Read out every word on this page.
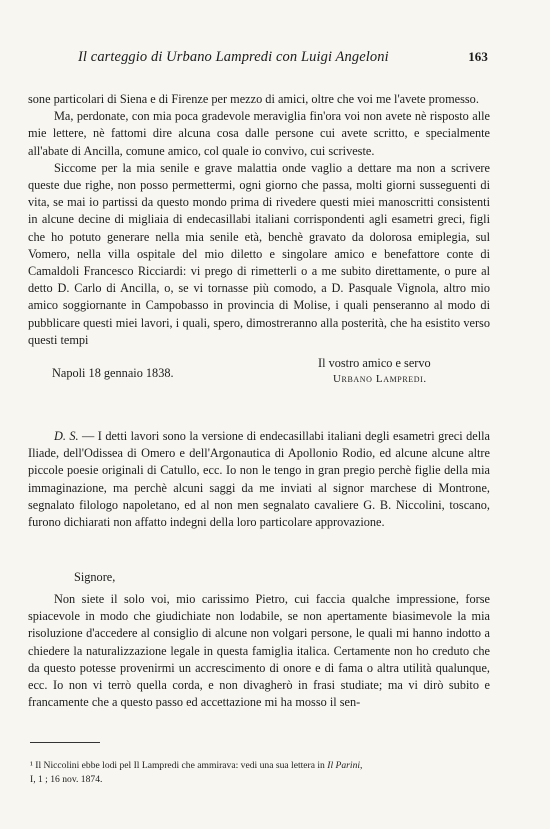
Il carteggio di Urbano Lampredi con Luigi Angeloni	163

sone particolari di Siena e di Firenze per mezzo di amici, oltre che voi me l'avete promesso.

Ma, perdonate, con mia poca gradevole meraviglia fin'ora voi non avete nè risposto alle mie lettere, nè fattomi dire alcuna cosa dalle persone cui avete scritto, e specialmente all'abate di Ancilla, comune amico, col quale io convivo, cui scriveste.

Siccome per la mia senile e grave malattia onde vaglio a dettare ma non a scrivere queste due righe, non posso permettermi, ogni giorno che passa, molti giorni susseguenti di vita, se mai io partissi da questo mondo prima di rivedere questi miei manoscritti consistenti in alcune decine di migliaia di endecasillabi italiani corrispondenti agli esametri greci, figli che ho potuto generare nella mia senile età, benchè gravato da dolorosa emiplegia, sul Vomero, nella villa ospitale del mio diletto e singolare amico e benefattore conte di Camaldoli Francesco Ricciardi: vi prego di rimetterli o a me subito direttamente, o pure al detto D. Carlo di Ancilla, o, se vi tornasse più comodo, a D. Pasquale Vignola, altro mio amico soggiornante in Campobasso in provincia di Molise, i quali penseranno al modo di pubblicare questi miei lavori, i quali, spero, dimostreranno alla posterità, che ha esistito verso questi tempi

Napoli 18 gennaio 1838.
Il vostro amico e servo
Urbano Lampredi.

D. S. — I detti lavori sono la versione di endecasillabi italiani degli esametri greci della Iliade, dell'Odissea di Omero e dell'Argonautica di Apollonio Rodio, ed alcune alcune altre piccole poesie originali di Catullo, ecc. Io non le tengo in gran pregio perchè figlie della mia immaginazione, ma perchè alcuni saggi da me inviati al signor marchese di Montrone, segnalato filologo napoletano, ed al non men segnalato cavaliere G. B. Niccolini, toscano, furono dichiarati non affatto indegni della loro particolare approvazione.

Signore,

Non siete il solo voi, mio carissimo Pietro, cui faccia qualche impressione, forse spiacevole in modo che giudichiate non lodabile, se non apertamente biasimevole la mia risoluzione d'accedere al consiglio di alcune non volgari persone, le quali mi hanno indotto a chiedere la naturalizzazione legale in questa famiglia italica. Certamente non ho creduto che da questo potesse provenirmi un accrescimento di onore e di fama o altra utilità qualunque, ecc. Io non vi terrò quella corda, e non divagherò in frasi studiate; ma vi dirò subito e francamente che a questo passo ed accettazione mi ha mosso il sen-

¹ Il Niccolini ebbe lodi pel Il Lampredi che ammirava: vedi una sua lettera in Il Parini,
I, 1 ; 16 nov. 1874.
